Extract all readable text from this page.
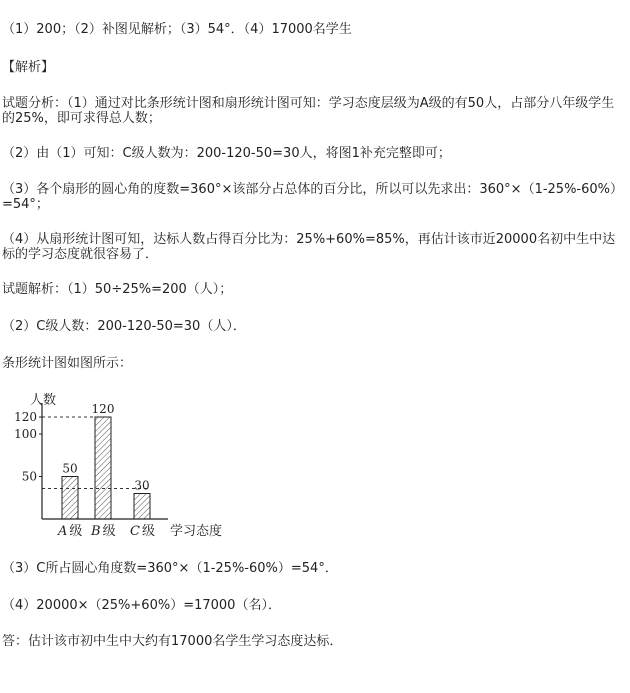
（1）200；（2）补图见解析；（3）54°．（4）17000名学生
【解析】
试题分析：（1）通过对比条形统计图和扇形统计图可知：学习态度层级为A级的有50人，占部分八年级学生的25%，即可求得总人数；
（2）由（1）可知：C级人数为：200-120-50=30人，将图1补充完整即可；
（3）各个扇形的圆心角的度数=360°×该部分占总体的百分比，所以可以先求出：360°×（1-25%-60%）=54°；
（4）从扇形统计图可知，达标人数占得百分比为：25%+60%=85%，再估计该市近20000名初中生中达标的学习态度就很容易了．
试题解析：（1）50÷25%=200（人）；
（2）C级人数：200-120-50=30（人）．
条形统计图如图所示：
人数
学习态度
50
100
120
50
A 级
120
B 级
30
C 级
（3）C所占圆心角度数=360°×（1-25%-60%）=54°．
（4）20000×（25%+60%）=17000（名）．
答：估计该市初中生中大约有17000名学生学习态度达标．
